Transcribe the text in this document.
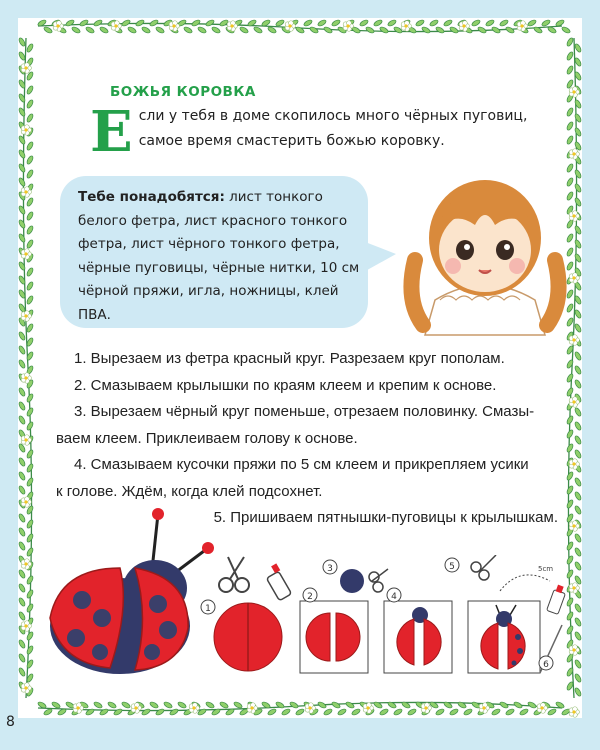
БОЖЬЯ КОРОВКА

Если у тебя в доме скопилось много чёрных пуговиц, самое время смастерить божью коровку.

Тебе понадобятся: лист тонкого белого фетра, лист красного тонкого фетра, лист чёрного тонкого фетра, чёрные пуговицы, чёрные нитки, 10 см чёрной пряжи, игла, ножницы, клей ПВА.

1. Вырезаем из фетра красный круг. Разрезаем круг пополам.
2. Смазываем крылышки по краям клеем и крепим к основе.
3. Вырезаем чёрный круг поменьше, отрезаем половинку. Смазы-
ваем клеем. Приклеиваем голову к основе.
4. Смазываем кусочки пряжи по 5 см клеем и прикрепляем усики
к голове. Ждём, когда клей подсохнет.
5. Пришиваем пятнышки-пуговицы к крылышкам.

1
2
3
4
5	5cm
6
8
